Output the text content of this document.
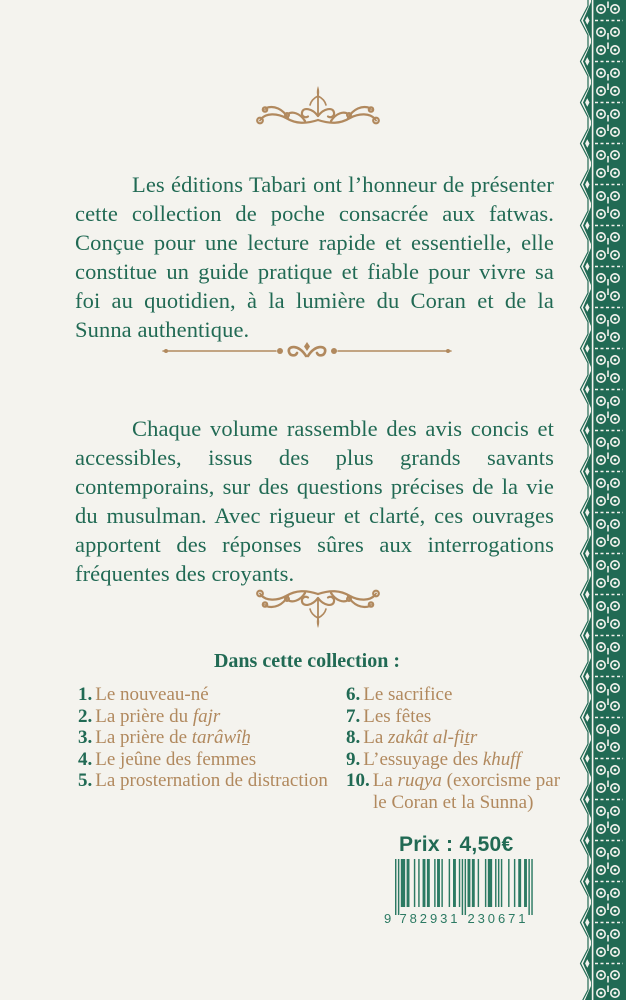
Les éditions Tabari ont l’honneur de présenter cette collection de poche consacrée aux fatwas. Conçue pour une lecture rapide et essentielle, elle constitue un guide pratique et fiable pour vivre sa foi au quotidien, à la lumière du Coran et de la Sunna authentique.

Chaque volume rassemble des avis concis et accessibles, issus des plus grands savants contemporains, sur des questions précises de la vie du musulman. Avec rigueur et clarté, ces ouvrages apportent des réponses sûres aux interrogations fréquentes des croyants.

Dans cette collection :
1. Le nouveau-né
2. La prière du fajr
3. La prière de tarâwîẖ
4. Le jeûne des femmes
5. La prosternation de distraction
6. Le sacrifice
7. Les fêtes
8. La zakât al-fiṯr
9. L’essuyage des khuff
10. La ruqya (exorcisme par le Coran et la Sunna)
Prix : 4,50€
9 782931 230671
